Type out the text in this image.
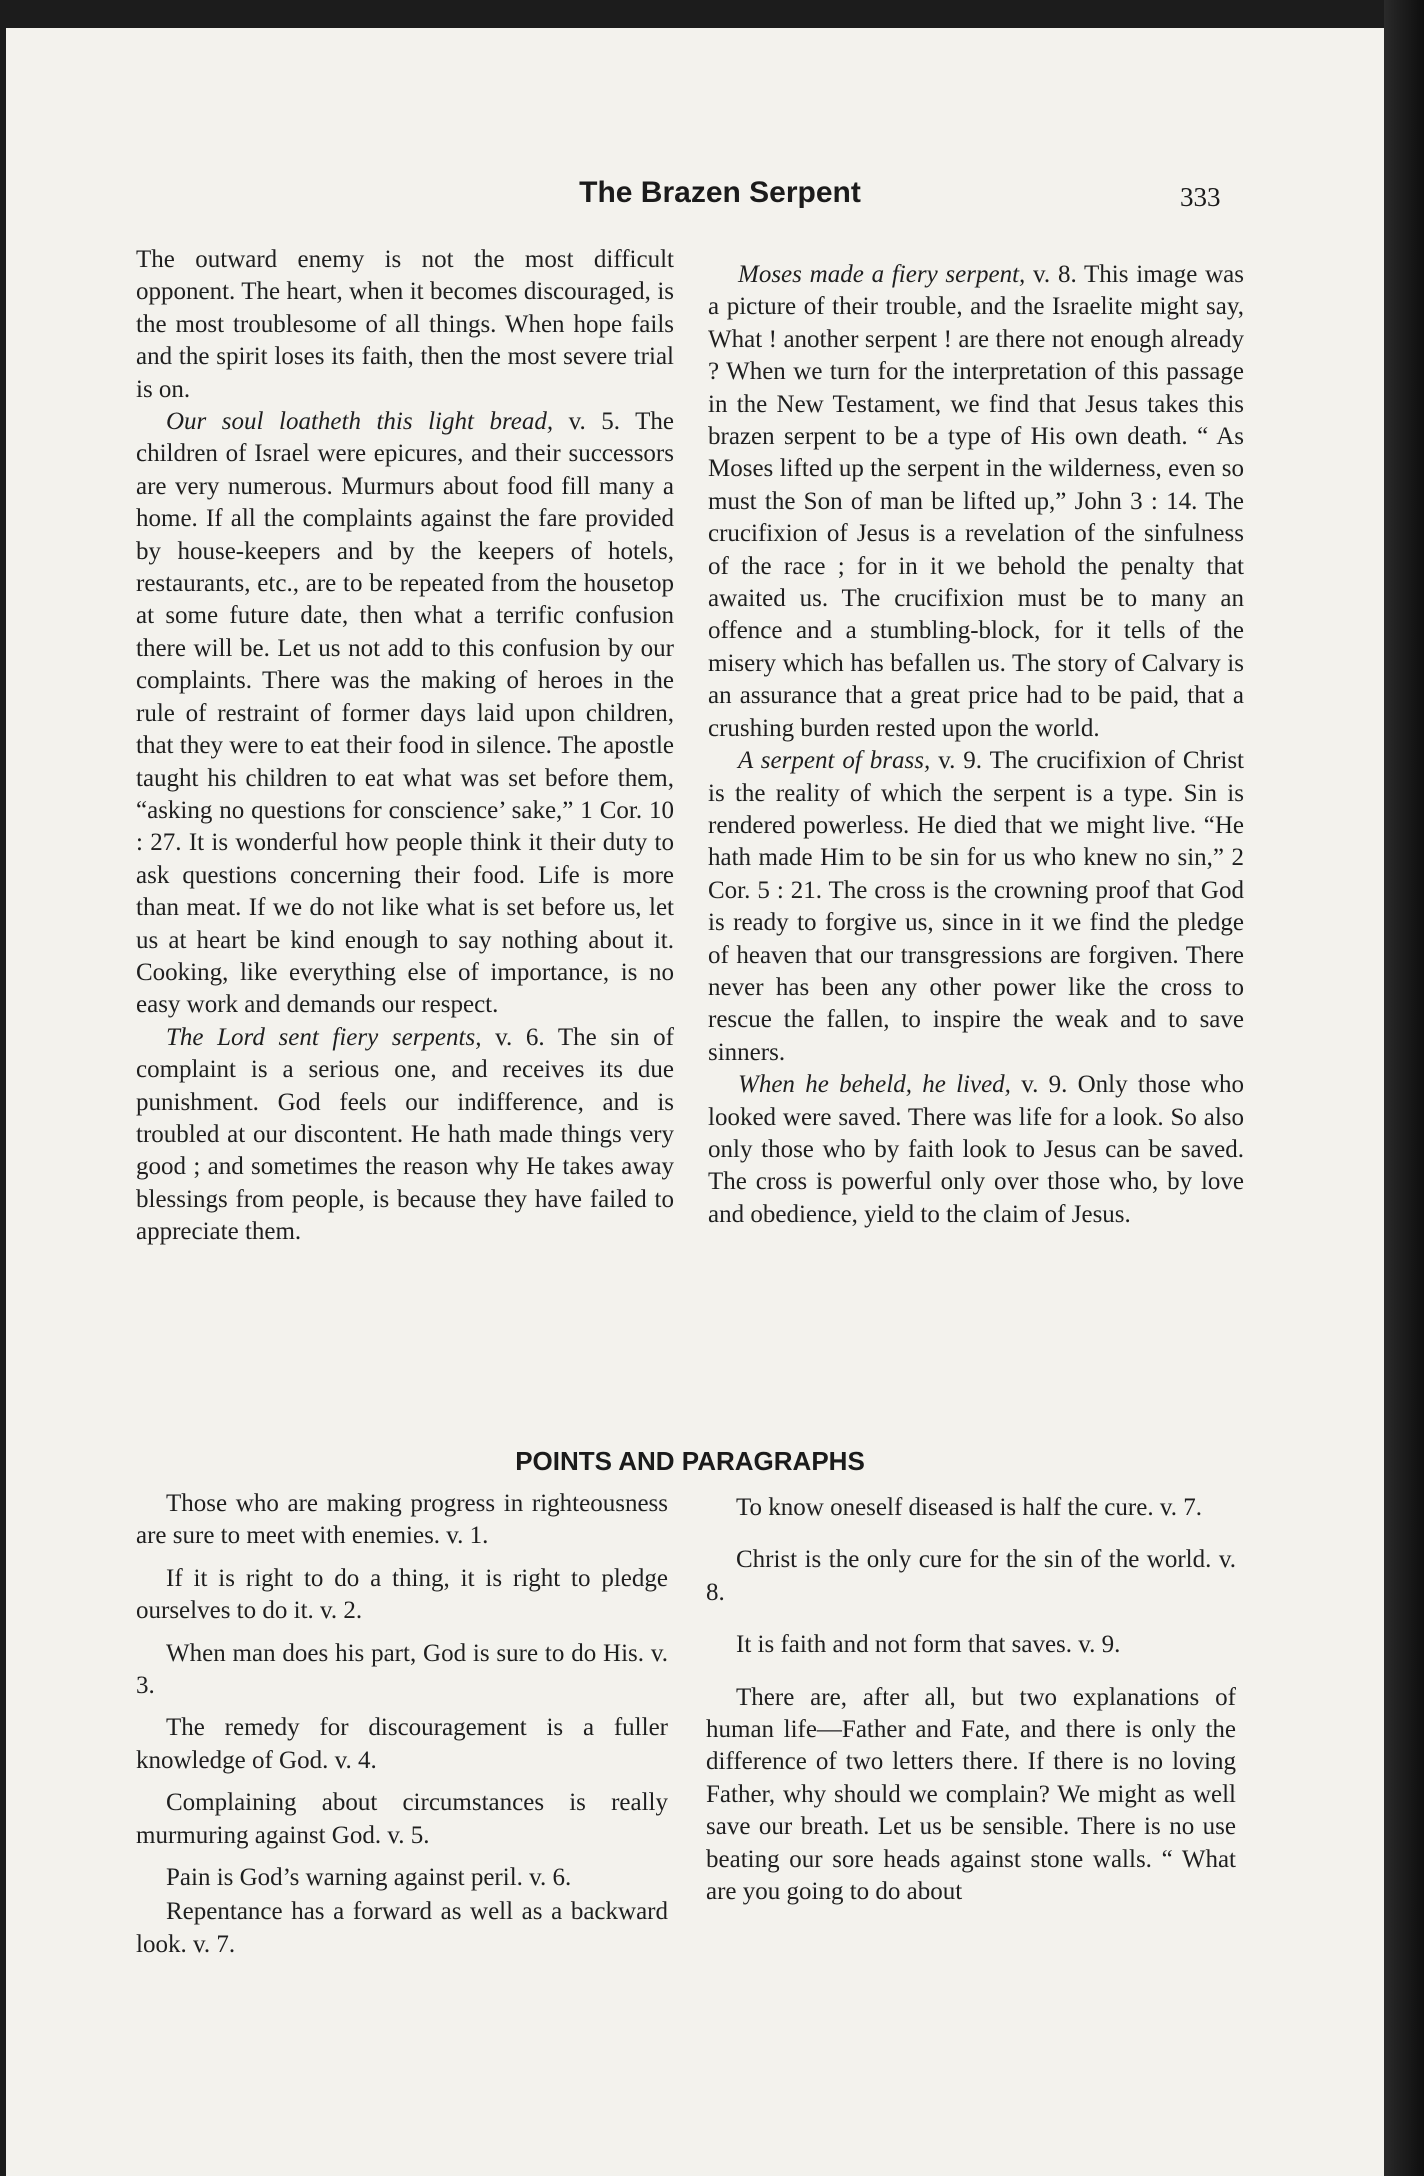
The Brazen Serpent	333

The outward enemy is not the most difficult opponent. The heart, when it becomes discouraged, is the most troublesome of all things. When hope fails and the spirit loses its faith, then the most severe trial is on.

Our soul loatheth this light bread, v. 5. The children of Israel were epicures, and their successors are very numerous. Murmurs about food fill many a home. If all the complaints against the fare provided by house-keepers and by the keepers of hotels, restaurants, etc., are to be repeated from the housetop at some future date, then what a terrific confusion there will be. Let us not add to this confusion by our complaints. There was the making of heroes in the rule of restraint of former days laid upon children, that they were to eat their food in silence. The apostle taught his children to eat what was set before them, “asking no questions for conscience’ sake,” 1 Cor. 10 : 27. It is wonderful how people think it their duty to ask questions concerning their food. Life is more than meat. If we do not like what is set before us, let us at heart be kind enough to say nothing about it. Cooking, like everything else of importance, is no easy work and demands our respect.

The Lord sent fiery serpents, v. 6. The sin of complaint is a serious one, and receives its due punishment. God feels our indifference, and is troubled at our discontent. He hath made things very good ; and sometimes the reason why He takes away blessings from people, is because they have failed to appreciate them.

Moses made a fiery serpent, v. 8. This image was a picture of their trouble, and the Israelite might say, What ! another serpent ! are there not enough already ? When we turn for the interpretation of this passage in the New Testament, we find that Jesus takes this brazen serpent to be a type of His own death. “ As Moses lifted up the serpent in the wilderness, even so must the Son of man be lifted up,” John 3 : 14. The crucifixion of Jesus is a revelation of the sinfulness of the race ; for in it we behold the penalty that awaited us. The crucifixion must be to many an offence and a stumbling-block, for it tells of the misery which has befallen us. The story of Calvary is an assurance that a great price had to be paid, that a crushing burden rested upon the world.

A serpent of brass, v. 9. The crucifixion of Christ is the reality of which the serpent is a type. Sin is rendered powerless. He died that we might live. “He hath made Him to be sin for us who knew no sin,” 2 Cor. 5 : 21. The cross is the crowning proof that God is ready to forgive us, since in it we find the pledge of heaven that our transgressions are forgiven. There never has been any other power like the cross to rescue the fallen, to inspire the weak and to save sinners.

When he beheld, he lived, v. 9. Only those who looked were saved. There was life for a look. So also only those who by faith look to Jesus can be saved. The cross is powerful only over those who, by love and obedience, yield to the claim of Jesus.

POINTS AND PARAGRAPHS

Those who are making progress in righteousness are sure to meet with enemies. v. 1.

If it is right to do a thing, it is right to pledge ourselves to do it. v. 2.

When man does his part, God is sure to do His. v. 3.

The remedy for discouragement is a fuller knowledge of God. v. 4.

Complaining about circumstances is really murmuring against God. v. 5.

Pain is God’s warning against peril. v. 6.

Repentance has a forward as well as a backward look. v. 7.

To know oneself diseased is half the cure. v. 7.

Christ is the only cure for the sin of the world. v. 8.

It is faith and not form that saves. v. 9.

There are, after all, but two explanations of human life—Father and Fate, and there is only the difference of two letters there. If there is no loving Father, why should we complain? We might as well save our breath. Let us be sensible. There is no use beating our sore heads against stone walls. “ What are you going to do about
